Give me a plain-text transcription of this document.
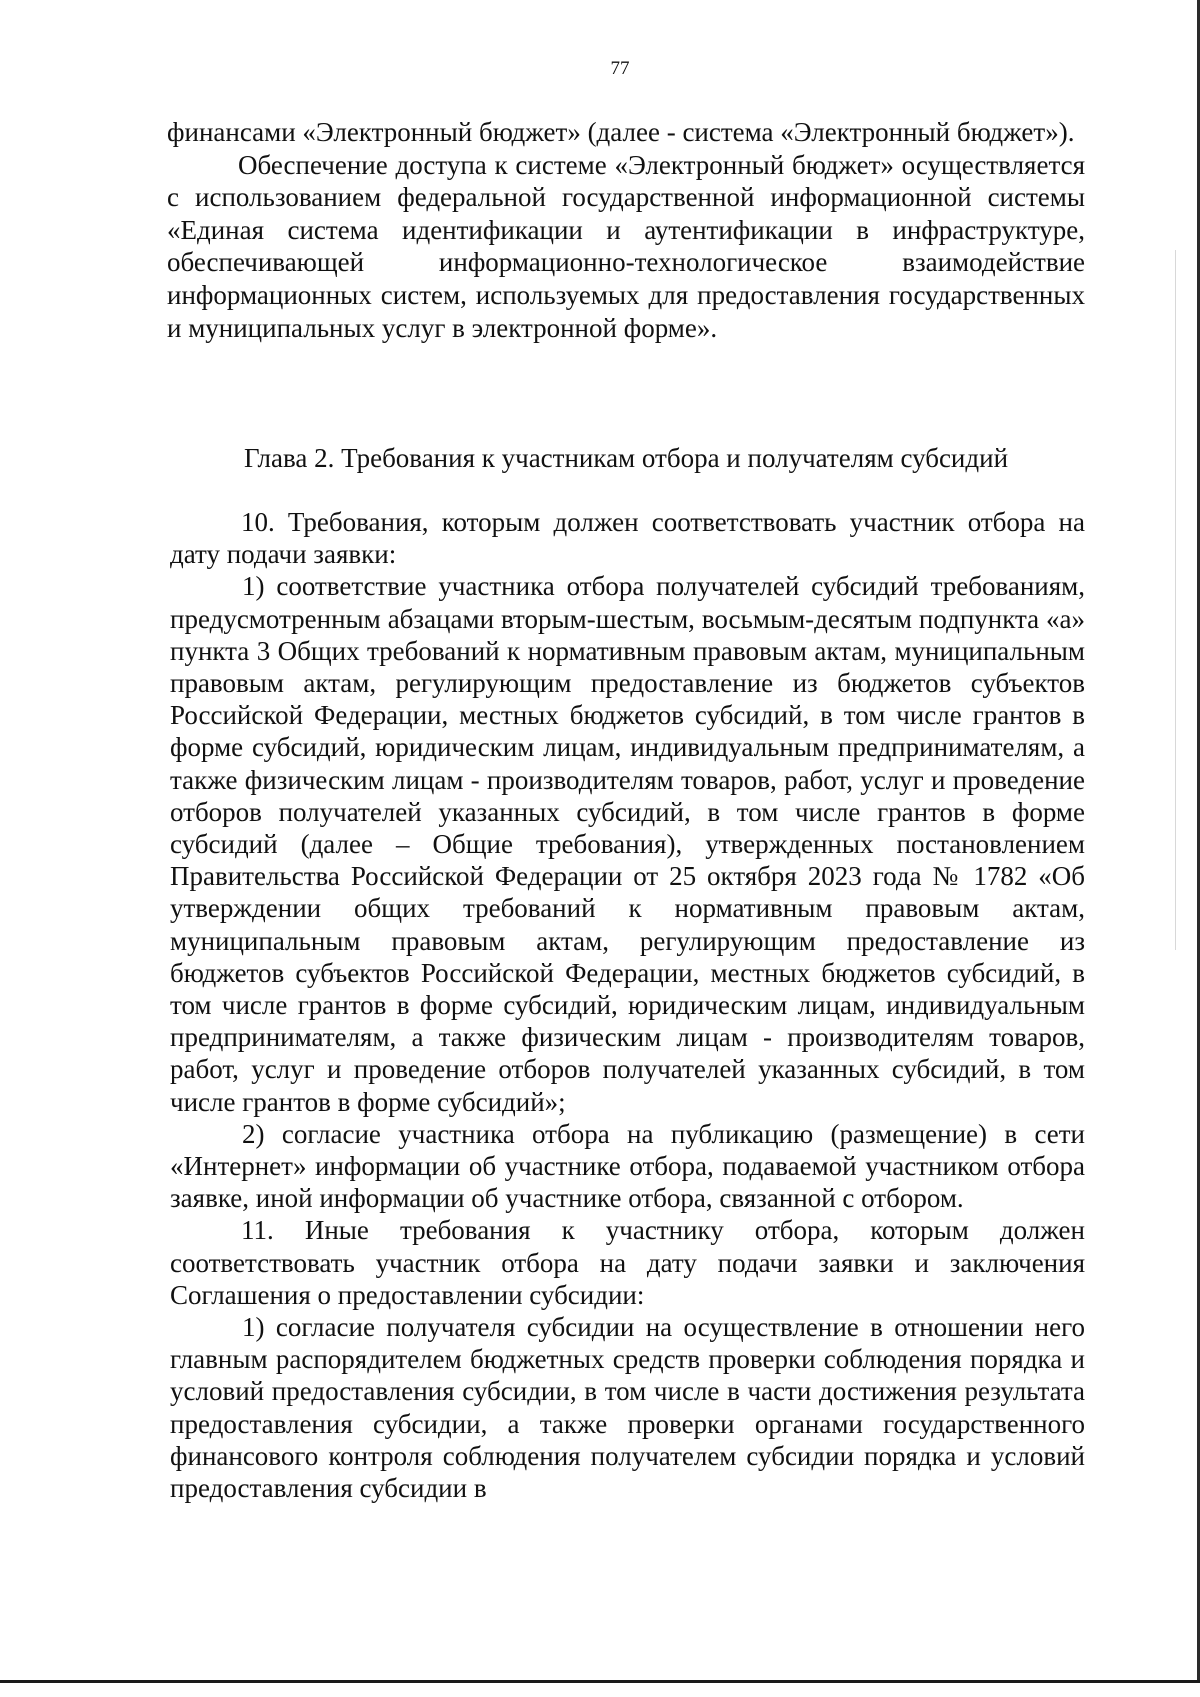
77

финансами «Электронный бюджет» (далее - система «Электронный бюджет»).

Обеспечение доступа к системе «Электронный бюджет» осуществляется с использованием федеральной государственной информационной системы «Единая система идентификации и аутентификации в инфраструктуре, обеспечивающей информационно-технологическое взаимодействие информационных систем, используемых для предоставления государственных и муниципальных услуг в электронной форме».

Глава 2. Требования к участникам отбора и получателям субсидий

10. Требования, которым должен соответствовать участник отбора на дату подачи заявки:

1) соответствие участника отбора получателей субсидий требованиям, предусмотренным абзацами вторым-шестым, восьмым-десятым подпункта «а» пункта 3 Общих требований к нормативным правовым актам, муниципальным правовым актам, регулирующим предоставление из бюджетов субъектов Российской Федерации, местных бюджетов субсидий, в том числе грантов в форме субсидий, юридическим лицам, индивидуальным предпринимателям, а также физическим лицам - производителям товаров, работ, услуг и проведение отборов получателей указанных субсидий, в том числе грантов в форме субсидий (далее – Общие требования), утвержденных постановлением Правительства Российской Федерации от 25 октября 2023 года № 1782 «Об утверждении общих требований к нормативным правовым актам, муниципальным правовым актам, регулирующим предоставление из бюджетов субъектов Российской Федерации, местных бюджетов субсидий, в том числе грантов в форме субсидий, юридическим лицам, индивидуальным предпринимателям, а также физическим лицам - производителям товаров, работ, услуг и проведение отборов получателей указанных субсидий, в том числе грантов в форме субсидий»;

2) согласие участника отбора на публикацию (размещение) в сети «Интернет» информации об участнике отбора, подаваемой участником отбора заявке, иной информации об участнике отбора, связанной с отбором.

11. Иные требования к участнику отбора, которым должен соответствовать участник отбора на дату подачи заявки и заключения Соглашения о предоставлении субсидии:

1) согласие получателя субсидии на осуществление в отношении него главным распорядителем бюджетных средств проверки соблюдения порядка и условий предоставления субсидии, в том числе в части достижения результата предоставления субсидии, а также проверки органами государственного финансового контроля соблюдения получателем субсидии порядка и условий предоставления субсидии в
